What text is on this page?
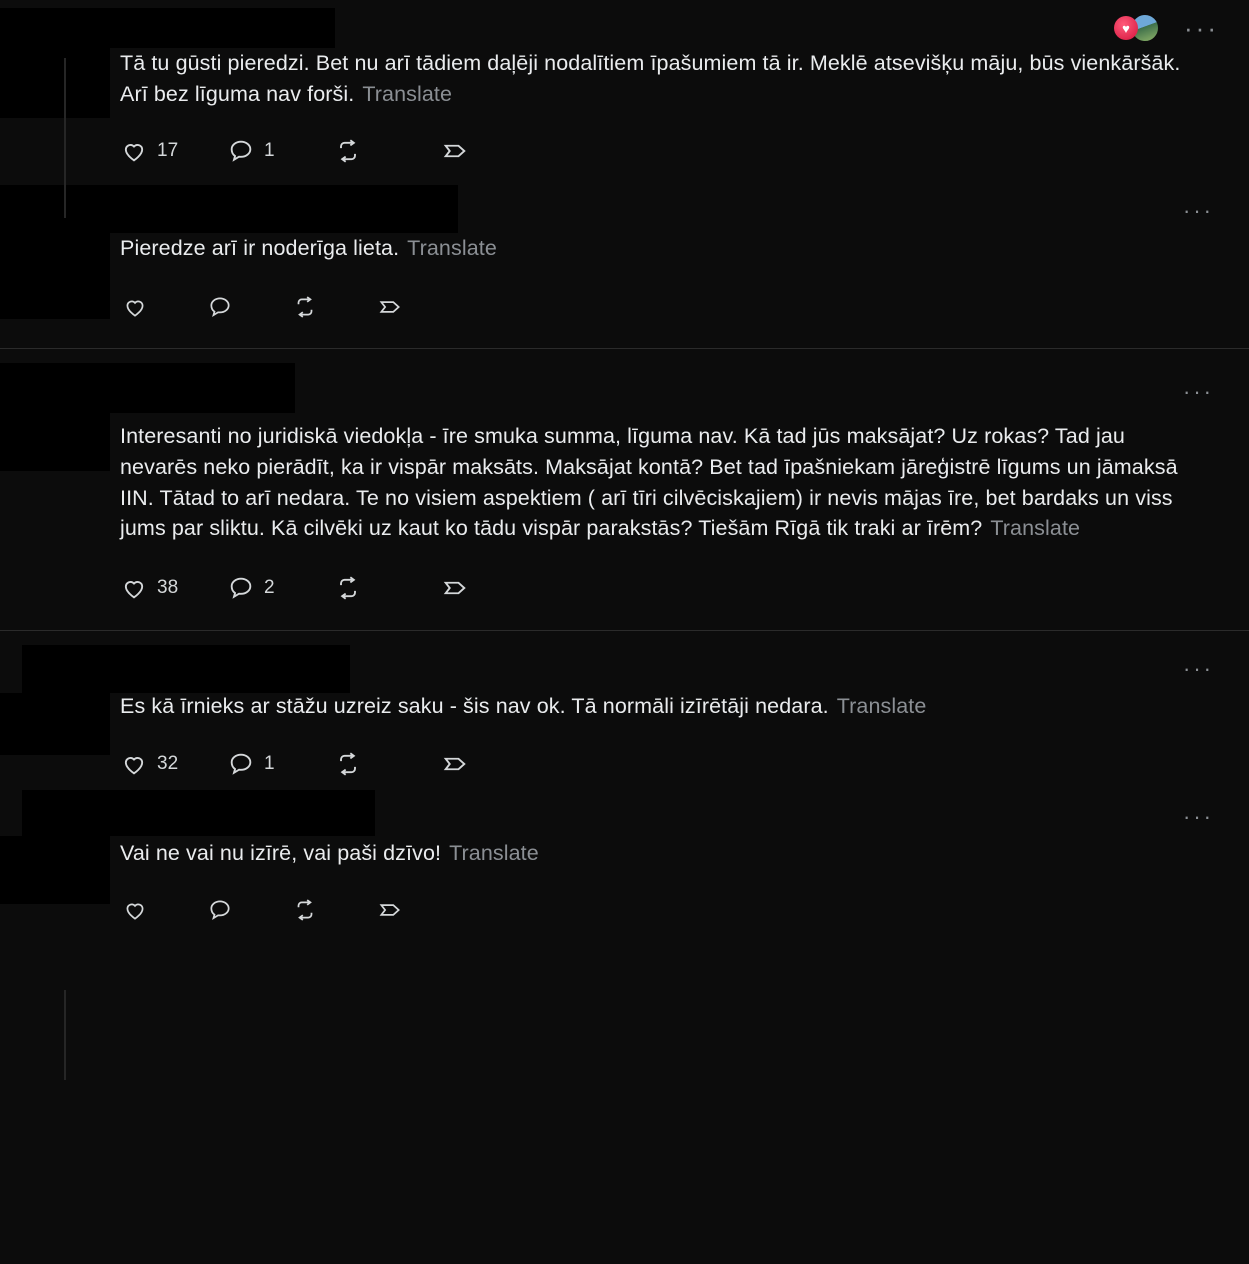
♥	···

Tā tu gūsti pieredzi. Bet nu arī tādiem daļēji nodalītiem īpašumiem tā ir. Meklē atsevišķu māju, būs vienkāršāk. Arī bez līguma nav forši. Translate

17	1
···

Pieredze arī ir noderīga lieta. Translate

···

Interesanti no juridiskā viedokļa - īre smuka summa, līguma nav. Kā tad jūs maksājat? Uz rokas? Tad jau nevarēs neko pierādīt, ka ir vispār maksāts. Maksājat kontā? Bet tad īpašniekam jāreģistrē līgums un jāmaksā IIN. Tātad to arī nedara. Te no visiem aspektiem ( arī tīri cilvēciskajiem) ir nevis mājas īre, bet bardaks un viss jums par sliktu. Kā cilvēki uz kaut ko tādu vispār parakstās? Tiešām Rīgā tik traki ar īrēm? Translate

38	2
···

Es kā īrnieks ar stāžu uzreiz saku - šis nav ok. Tā normāli izīrētāji nedara. Translate

32	1
···

Vai ne vai nu izīrē, vai paši dzīvo! Translate
